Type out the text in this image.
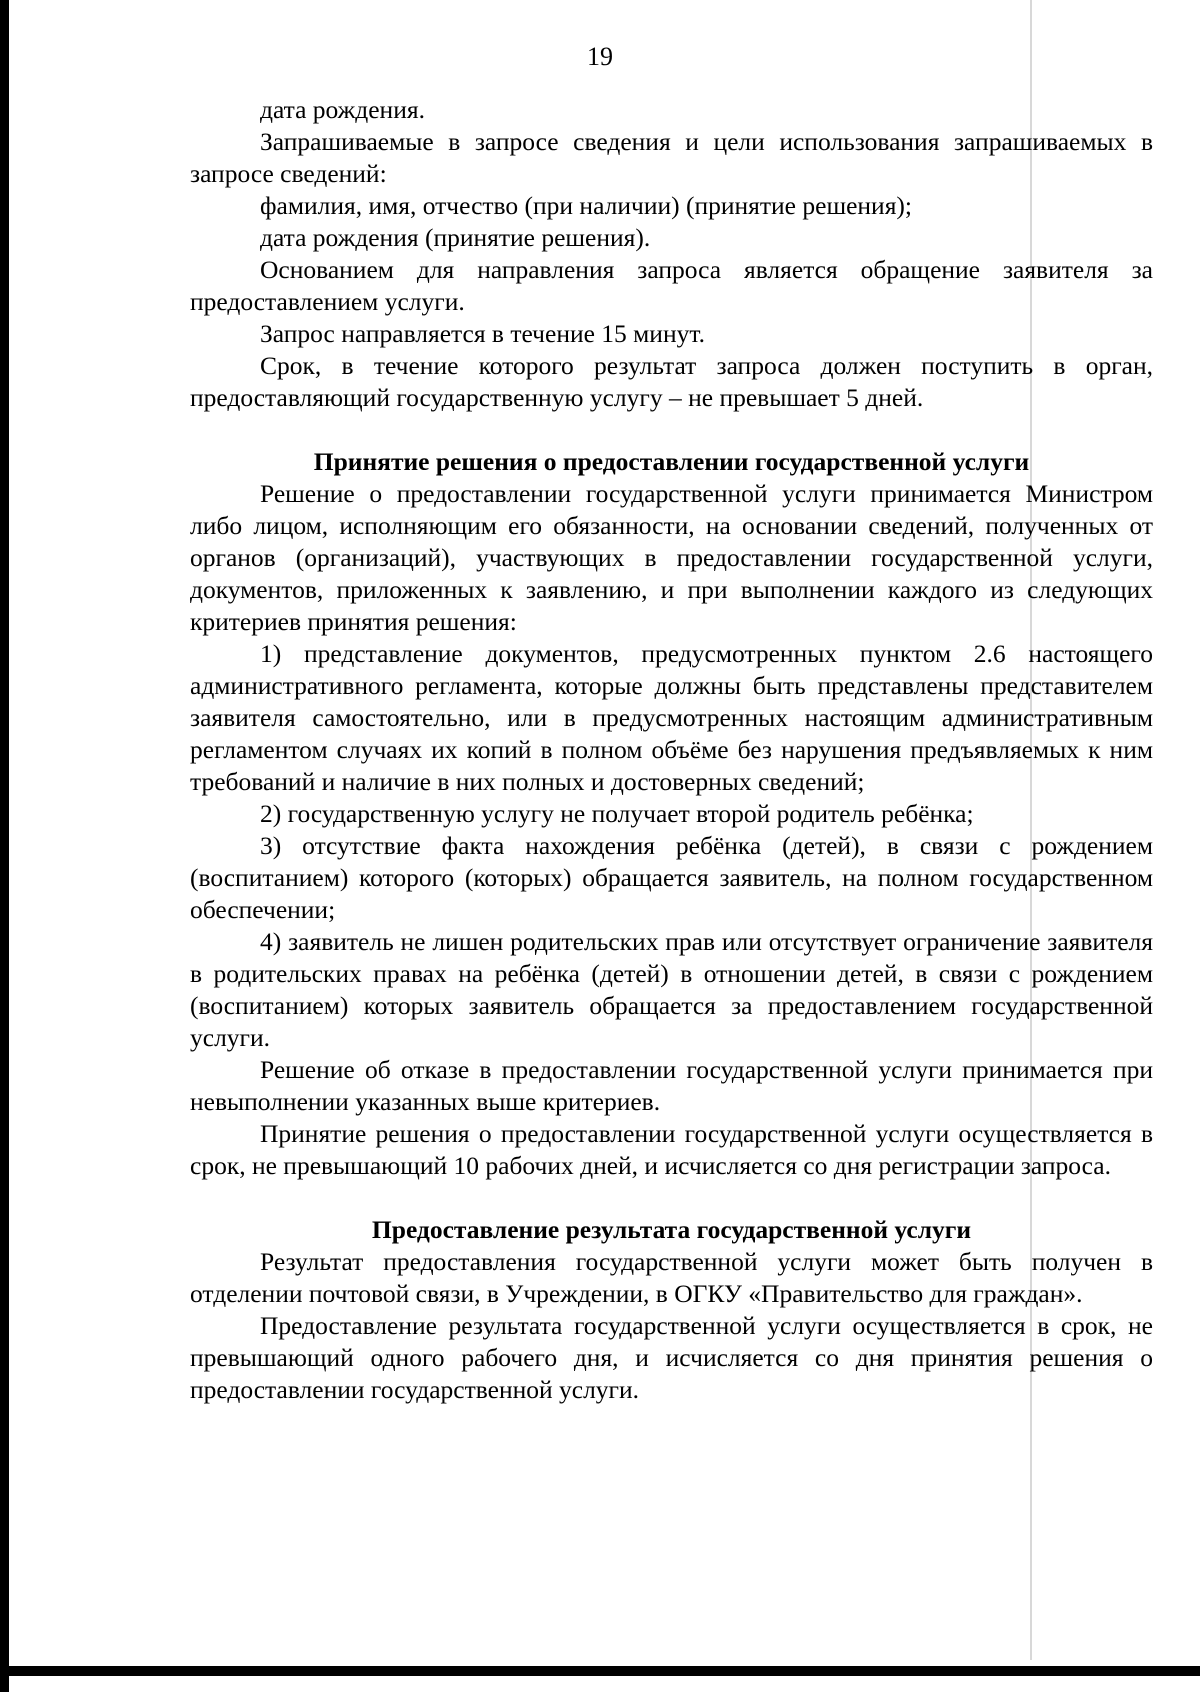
19

дата рождения.

Запрашиваемые в запросе сведения и цели использования запрашиваемых в запросе сведений:

фамилия, имя, отчество (при наличии) (принятие решения);

дата рождения (принятие решения).

Основанием для направления запроса является обращение заявителя за предоставлением услуги.

Запрос направляется в течение 15 минут.

Срок, в течение которого результат запроса должен поступить в орган, предоставляющий государственную услугу – не превышает 5 дней.

Принятие решения о предоставлении государственной услуги

Решение о предоставлении государственной услуги принимается Министром либо лицом, исполняющим его обязанности, на основании сведений, полученных от органов (организаций), участвующих в предоставлении государственной услуги, документов, приложенных к заявлению, и при выполнении каждого из следующих критериев принятия решения:

1) представление документов, предусмотренных пунктом 2.6 настоящего административного регламента, которые должны быть представлены представителем заявителя самостоятельно, или в предусмотренных настоящим административным регламентом случаях их копий в полном объёме без нарушения предъявляемых к ним требований и наличие в них полных и достоверных сведений;

2) государственную услугу не получает второй родитель ребёнка;

3) отсутствие факта нахождения ребёнка (детей), в связи с рождением (воспитанием) которого (которых) обращается заявитель, на полном государственном обеспечении;

4) заявитель не лишен родительских прав или отсутствует ограничение заявителя в родительских правах на ребёнка (детей) в отношении детей, в связи с рождением (воспитанием) которых заявитель обращается за предоставлением государственной услуги.

Решение об отказе в предоставлении государственной услуги принимается при невыполнении указанных выше критериев.

Принятие решения о предоставлении государственной услуги осуществляется в срок, не превышающий 10 рабочих дней, и исчисляется со дня регистрации запроса.

Предоставление результата государственной услуги

Результат предоставления государственной услуги может быть получен в отделении почтовой связи, в Учреждении, в ОГКУ «Правительство для граждан».

Предоставление результата государственной услуги осуществляется в срок, не превышающий одного рабочего дня, и исчисляется со дня принятия решения о предоставлении государственной услуги.
